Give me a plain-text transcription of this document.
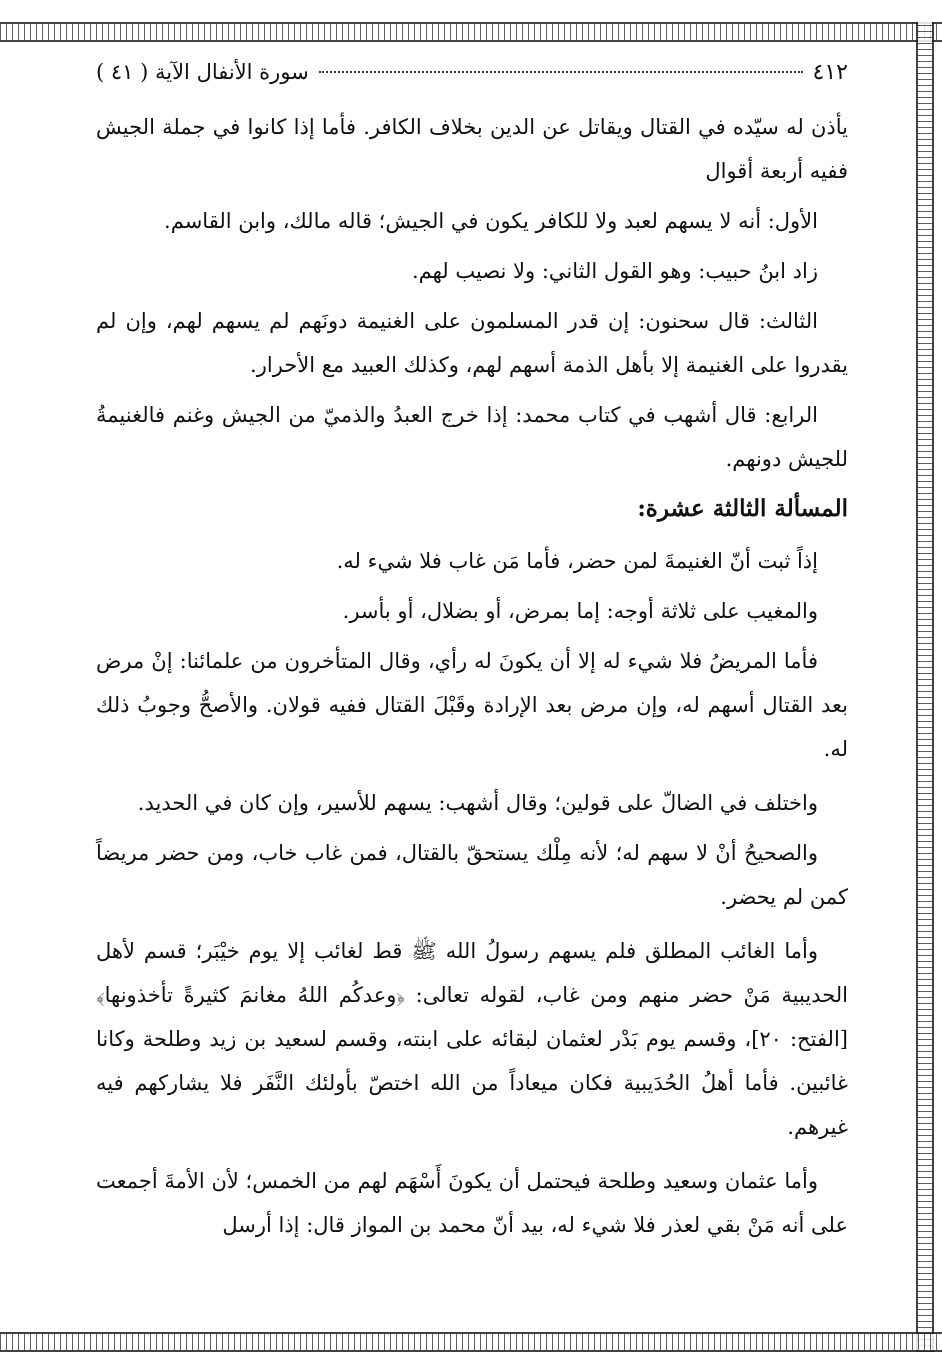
٤١٢
سورة الأنفال الآية ( ٤١ )

يأذن له سيّده في القتال ويقاتل عن الدين بخلاف الكافر. فأما إذا كانوا في جملة الجيش ففيه أربعة أقوال

الأول: أنه لا يسهم لعبد ولا للكافر يكون في الجيش؛ قاله مالك، وابن القاسم.

زاد ابنُ حبيب: وهو القول الثاني: ولا نصيب لهم.

الثالث: قال سحنون: إن قدر المسلمون على الغنيمة دونَهم لم يسهم لهم، وإن لم يقدروا على الغنيمة إلا بأهل الذمة أسهم لهم، وكذلك العبيد مع الأحرار.

الرابع: قال أشهب في كتاب محمد: إذا خرج العبدُ والذميّ من الجيش وغنم فالغنيمةُ للجيش دونهم.

المسألة الثالثة عشرة:

إذاً ثبت أنّ الغنيمةَ لمن حضر، فأما مَن غاب فلا شيء له.

والمغيب على ثلاثة أوجه: إما بمرض، أو بضلال، أو بأسر.

فأما المريضُ فلا شيء له إلا أن يكونَ له رأي، وقال المتأخرون من علمائنا: إنْ مرض بعد القتال أسهم له، وإن مرض بعد الإرادة وقَبْلَ القتال ففيه قولان. والأصحُّ وجوبُ ذلك له.

واختلف في الضالّ على قولين؛ وقال أشهب: يسهم للأسير، وإن كان في الحديد.

والصحيحُ أنْ لا سهم له؛ لأنه مِلْك يستحقّ بالقتال، فمن غاب خاب، ومن حضر مريضاً كمن لم يحضر.

وأما الغائب المطلق فلم يسهم رسولُ الله ﷺ قط لغائب إلا يوم خيْبَر؛ قسم لأهل الحديبية مَنْ حضر منهم ومن غاب، لقوله تعالى: ﴿وعدكُم اللهُ مغانمَ كثيرةً تأخذونها﴾ [الفتح: ٢٠]، وقسم يوم بَدْر لعثمان لبقائه على ابنته، وقسم لسعيد بن زيد وطلحة وكانا غائبين. فأما أهلُ الحُدَيبية فكان ميعاداً من الله اختصّ بأولئك النَّفَر فلا يشاركهم فيه غيرهم.

وأما عثمان وسعيد وطلحة فيحتمل أن يكونَ أَسْهَم لهم من الخمس؛ لأن الأمةَ أجمعت على أنه مَنْ بقي لعذر فلا شيء له، بيد أنّ محمد بن المواز قال: إذا أرسل
